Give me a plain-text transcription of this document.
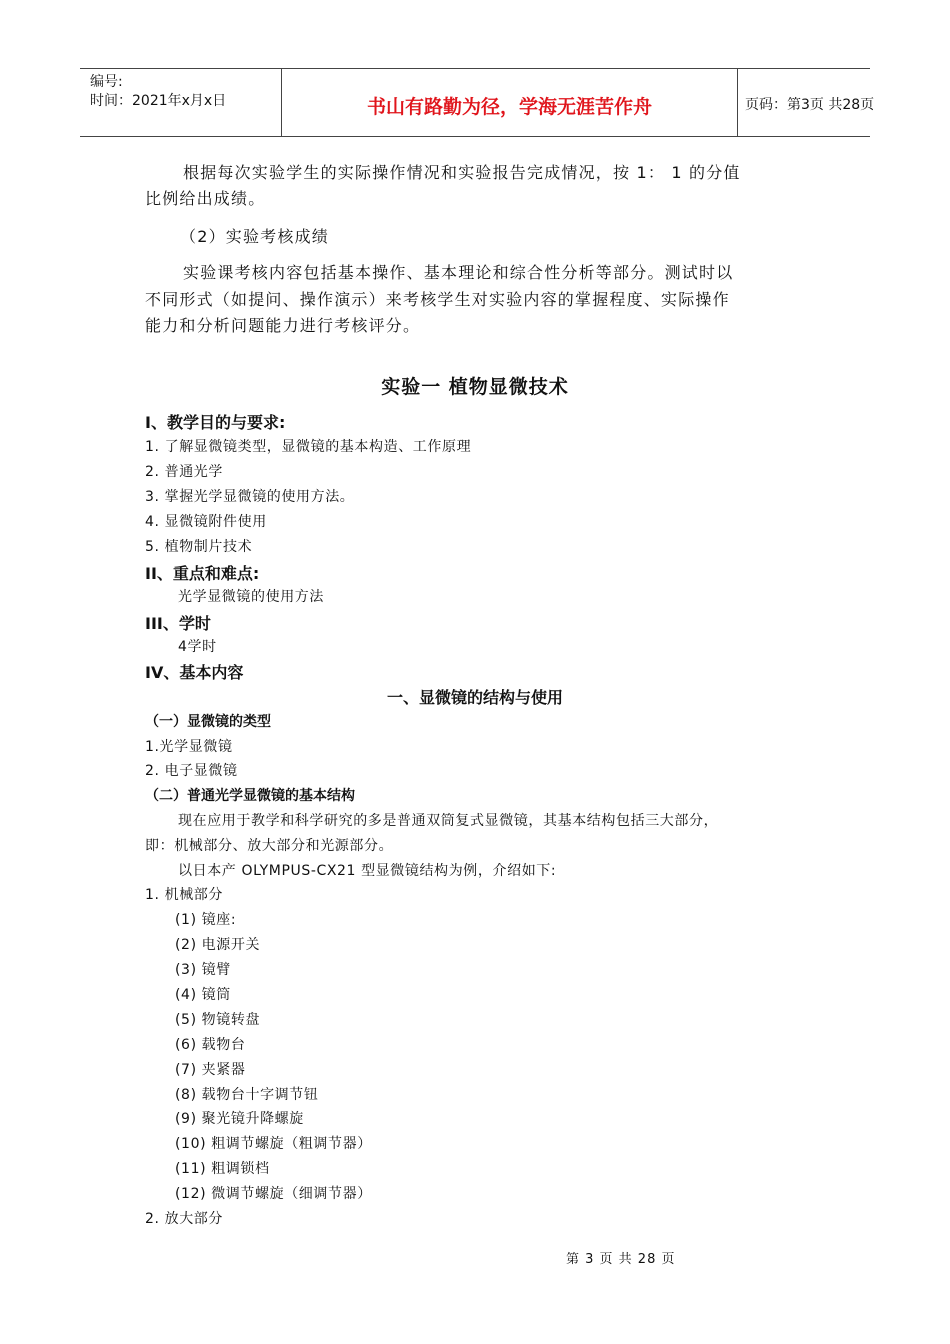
编号:
时间：2021年x月x日	书山有路勤为径，学海无涯苦作舟	页码：第3页 共28页
根据每次实验学生的实际操作情况和实验报告完成情况，按 1： 1 的分值
比例给出成绩。
（2）实验考核成绩
实验课考核内容包括基本操作、基本理论和综合性分析等部分。测试时以
不同形式（如提问、操作演示）来考核学生对实验内容的掌握程度、实际操作
能力和分析问题能力进行考核评分。
实验一 植物显微技术
I、教学目的与要求:
1. 了解显微镜类型，显微镜的基本构造、工作原理
2. 普通光学
3. 掌握光学显微镜的使用方法。
4. 显微镜附件使用
5. 植物制片技术
II、重点和难点:
光学显微镜的使用方法
III、学时
4学时
IV、基本内容
一、显微镜的结构与使用
（一）显微镜的类型
1.光学显微镜
2. 电子显微镜
（二）普通光学显微镜的基本结构
现在应用于教学和科学研究的多是普通双筒复式显微镜，其基本结构包括三大部分，
即：机械部分、放大部分和光源部分。
以日本产 OLYMPUS-CX21 型显微镜结构为例，介绍如下:
1. 机械部分
(1) 镜座:
(2) 电源开关
(3) 镜臂
(4) 镜筒
(5) 物镜转盘
(6) 载物台
(7) 夹紧器
(8) 载物台十字调节钮
(9) 聚光镜升降螺旋
(10) 粗调节螺旋（粗调节器）
(11) 粗调锁档
(12) 微调节螺旋（细调节器）
2. 放大部分
第 3 页 共 28 页
